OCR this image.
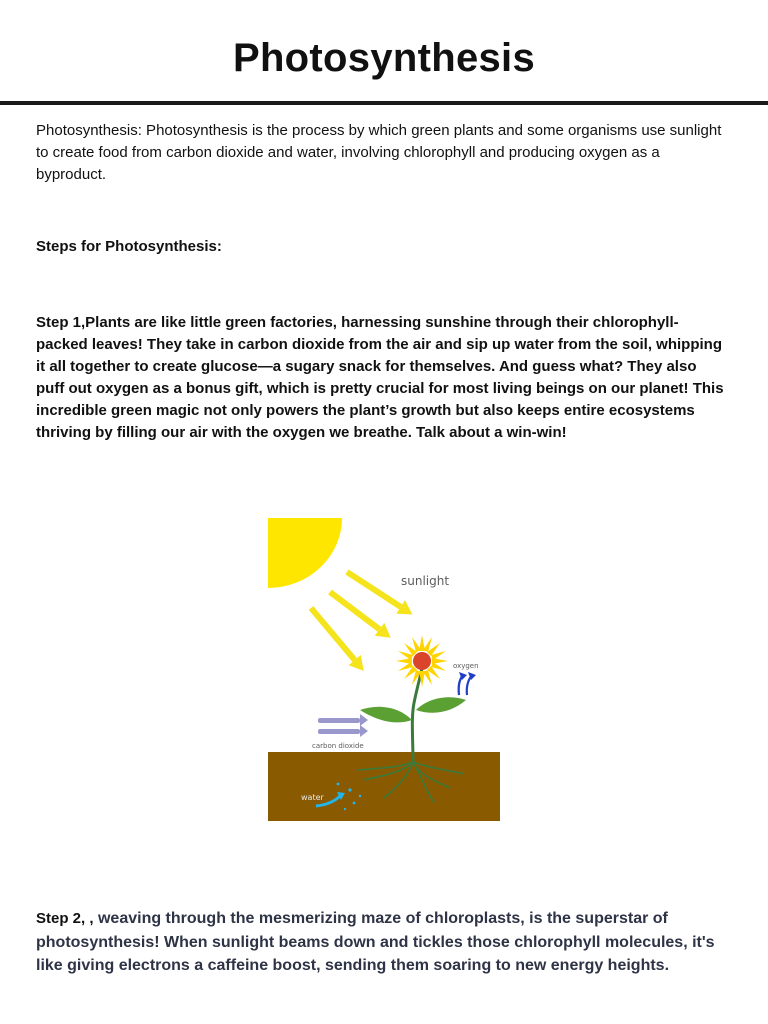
Photosynthesis

Photosynthesis: Photosynthesis is the process by which green plants and some organisms use sunlight to create food from carbon dioxide and water, involving chlorophyll and producing oxygen as a byproduct.

Steps for Photosynthesis:

Step 1,Plants are like little green factories, harnessing sunshine through their chlorophyll-packed leaves! They take in carbon dioxide from the air and sip up water from the soil, whipping it all together to create glucose—a sugary snack for themselves. And guess what? They also puff out oxygen as a bonus gift, which is pretty crucial for most living beings on our planet! This incredible green magic not only powers the plant’s growth but also keeps entire ecosystems thriving by filling our air with the oxygen we breathe. Talk about a win-win!

sunlight
oxygen
carbon dioxide
water

Step 2, , weaving through the mesmerizing maze of chloroplasts, is the superstar of photosynthesis! When sunlight beams down and tickles those chlorophyll molecules, it's like giving electrons a caffeine boost, sending them soaring to new energy heights.
